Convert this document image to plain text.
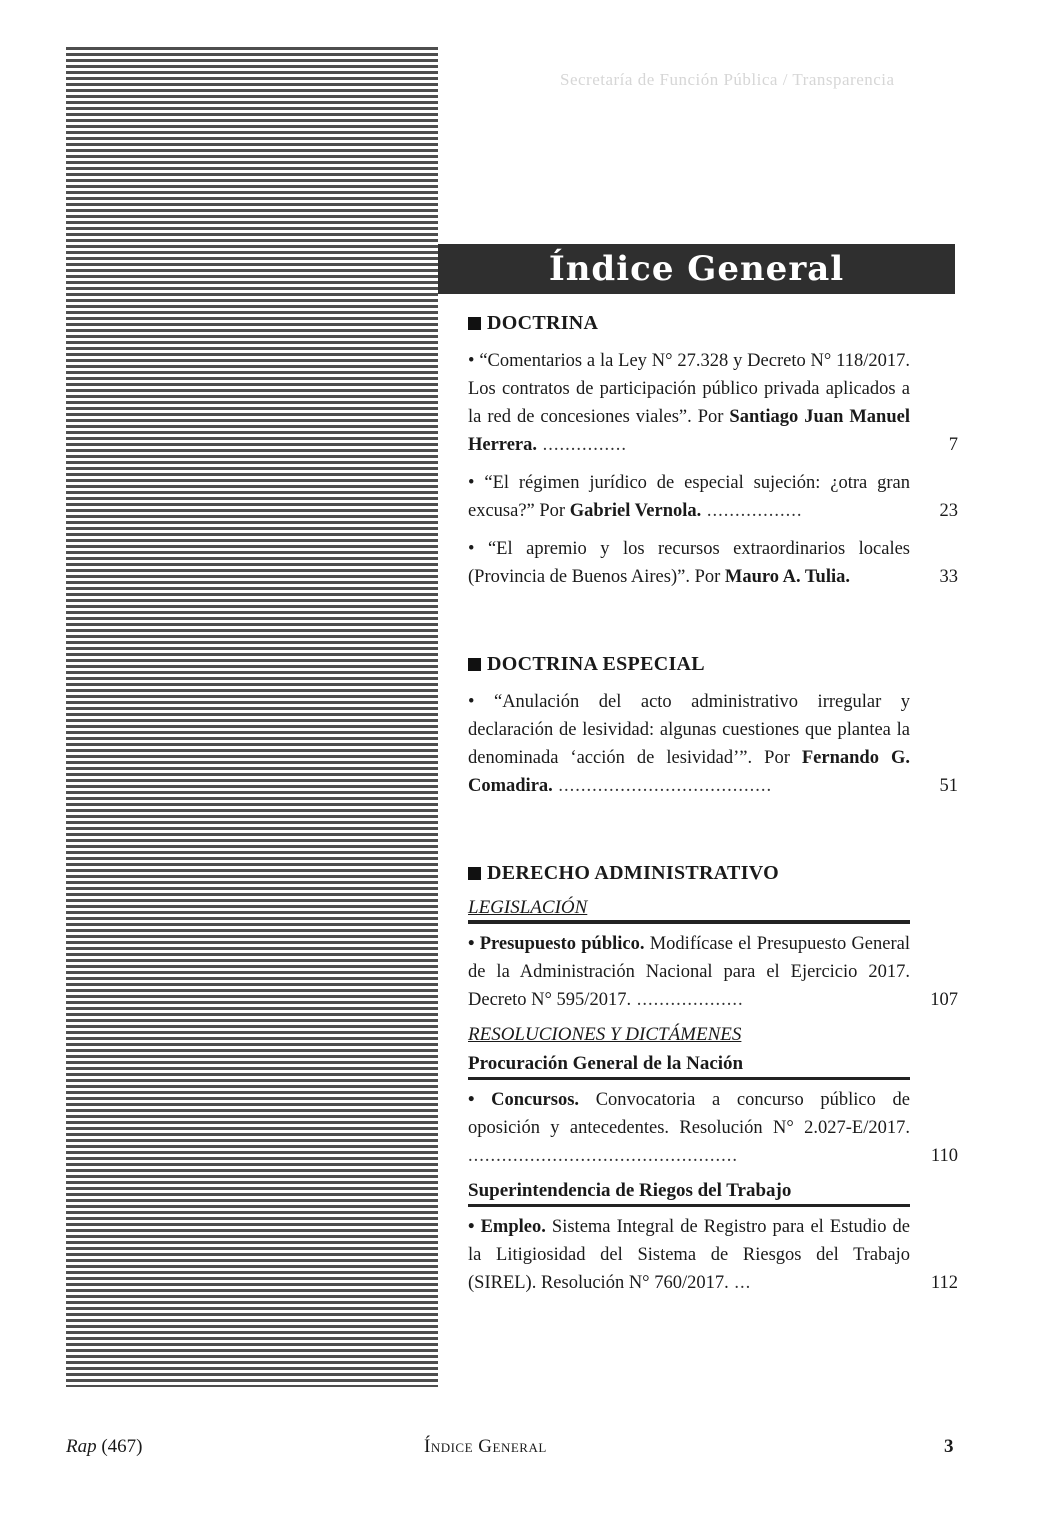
Secretaría de Función Pública / Transparencia
Índice General
DOCTRINA
• “Comentarios a la Ley N° 27.328 y Decreto N° 118/2017. Los contratos de participación público privada aplicados a la red de concesiones viales”. Por Santiago Juan Manuel Herrera. ...............	7
• “El régimen jurídico de especial sujeción: ¿otra gran excusa?” Por Gabriel Vernola. .................	23
• “El apremio y los recursos extraordinarios locales (Provincia de Buenos Aires)”. Por Mauro A. Tulia.	33
DOCTRINA ESPECIAL
• “Anulación del acto administrativo irregular y declaración de lesividad: algunas cuestiones que plantea la denominada ‘acción de lesividad’”. Por Fernando G. Comadira. ......................................	51
DERECHO ADMINISTRATIVO
LEGISLACIÓN
• Presupuesto público. Modifícase el Presupuesto General de la Administración Nacional para el Ejercicio 2017. Decreto N° 595/2017. ...................	107
RESOLUCIONES Y DICTÁMENES
Procuración General de la Nación
• Concursos. Convocatoria a concurso público de oposición y antecedentes. Resolución N° 2.027-E/2017. ................................................	110
Superintendencia de Riegos del Trabajo
• Empleo. Sistema Integral de Registro para el Estudio de la Litigiosidad del Sistema de Riesgos del Trabajo (SIREL). Resolución N° 760/2017. ...	112
Rap (467)	Índice General	3
